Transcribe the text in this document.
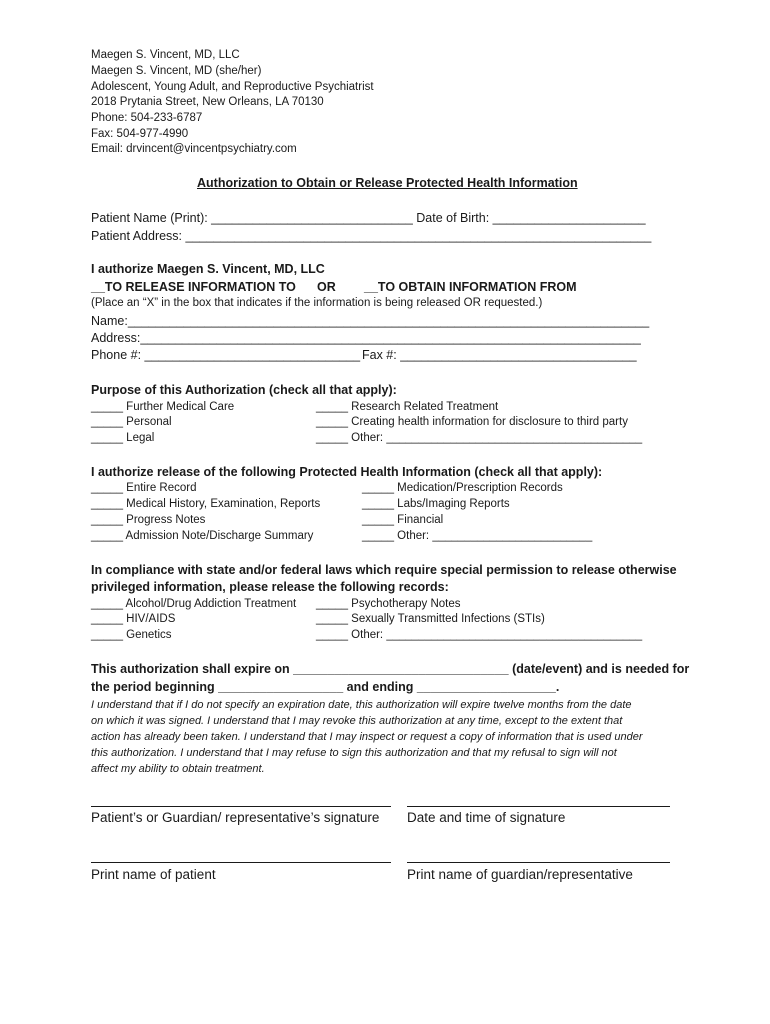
Maegen S. Vincent, MD, LLC
Maegen S. Vincent, MD (she/her)
Adolescent, Young Adult, and Reproductive Psychiatrist
2018 Prytania Street, New Orleans, LA 70130
Phone: 504-233-6787
Fax: 504-977-4990
Email: drvincent@vincentpsychiatry.com
Authorization to Obtain or Release Protected Health Information
Patient Name (Print): _____________________________ Date of Birth: ______________________
Patient Address: ___________________________________________________________________
I authorize Maegen S. Vincent, MD, LLC
__TO RELEASE INFORMATION TO OR __TO OBTAIN INFORMATION FROM
(Place an “X” in the box that indicates if the information is being released OR requested.)
Name:___________________________________________________________________________
Address:________________________________________________________________________
Phone #: _______________________________ Fax #: __________________________________
Purpose of this Authorization (check all that apply):
_____ Further Medical Care
_____ Personal
_____ Legal
_____ Research Related Treatment
_____ Creating health information for disclosure to third party
_____ Other: ________________________________________
I authorize release of the following Protected Health Information (check all that apply):
_____ Entire Record
_____ Medical History, Examination, Reports
_____ Progress Notes
_____ Admission Note/Discharge Summary
_____ Medication/Prescription Records
_____ Labs/Imaging Reports
_____ Financial
_____ Other: _________________________
In compliance with state and/or federal laws which require special permission to release otherwise
privileged information, please release the following records:
_____ Alcohol/Drug Addiction Treatment
_____ HIV/AIDS
_____ Genetics
_____ Psychotherapy Notes
_____ Sexually Transmitted Infections (STIs)
_____ Other: ________________________________________
This authorization shall expire on _______________________________ (date/event) and is needed for
the period beginning __________________ and ending ____________________.
I understand that if I do not specify an expiration date, this authorization will expire twelve months from the date
on which it was signed. I understand that I may revoke this authorization at any time, except to the extent that
action has already been taken. I understand that I may inspect or request a copy of information that is used under
this authorization. I understand that I may refuse to sign this authorization and that my refusal to sign will not
affect my ability to obtain treatment.
Patient’s or Guardian/ representative’s signature Date and time of signature
Print name of patient	Print name of guardian/representative
